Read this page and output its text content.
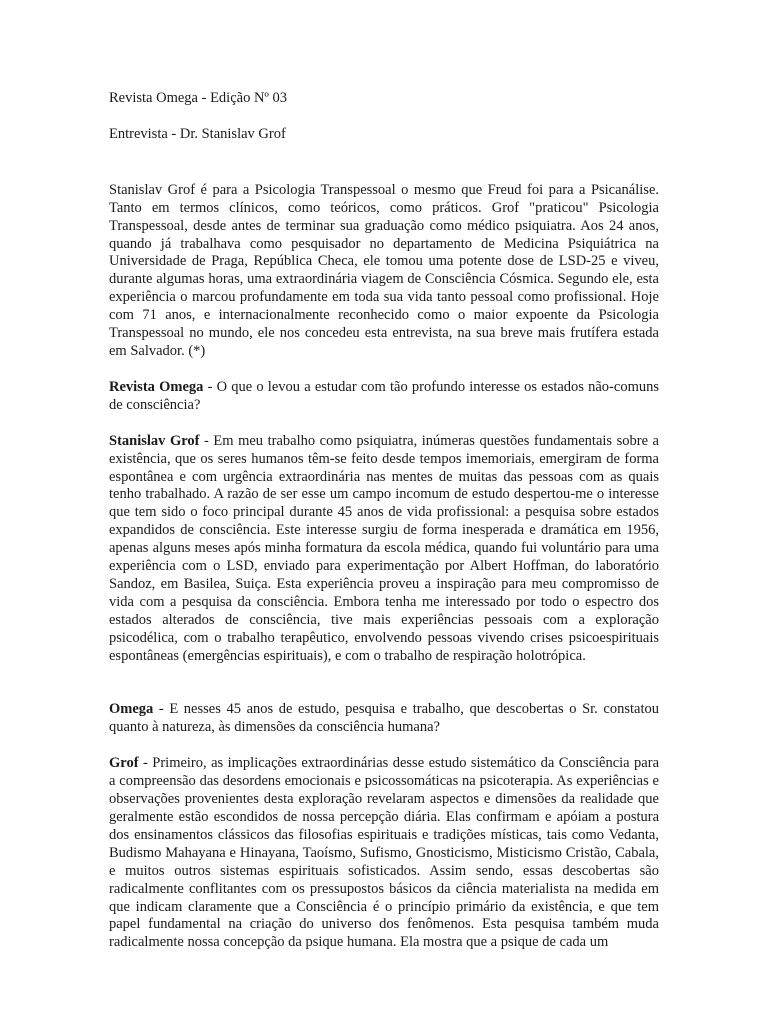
Revista Omega - Edição Nº 03

Entrevista - Dr. Stanislav Grof

Stanislav Grof é para a Psicologia Transpessoal o mesmo que Freud foi para a Psicanálise. Tanto em termos clínicos, como teóricos, como práticos. Grof "praticou" Psicologia Transpessoal, desde antes de terminar sua graduação como médico psiquiatra. Aos 24 anos, quando já trabalhava como pesquisador no departamento de Medicina Psiquiátrica na Universidade de Praga, República Checa, ele tomou uma potente dose de LSD-25 e viveu, durante algumas horas, uma extraordinária viagem de Consciência Cósmica. Segundo ele, esta experiência o marcou profundamente em toda sua vida tanto pessoal como profissional. Hoje com 71 anos, e internacionalmente reconhecido como o maior expoente da Psicologia Transpessoal no mundo, ele nos concedeu esta entrevista, na sua breve mais frutífera estada em Salvador. (*)

Revista Omega - O que o levou a estudar com tão profundo interesse os estados não-comuns de consciência?

Stanislav Grof - Em meu trabalho como psiquiatra, inúmeras questões fundamentais sobre a existência, que os seres humanos têm-se feito desde tempos imemoriais, emergiram de forma espontânea e com urgência extraordinária nas mentes de muitas das pessoas com as quais tenho trabalhado. A razão de ser esse um campo incomum de estudo despertou-me o interesse que tem sido o foco principal durante 45 anos de vida profissional: a pesquisa sobre estados expandidos de consciência. Este interesse surgiu de forma inesperada e dramática em 1956, apenas alguns meses após minha formatura da escola médica, quando fui voluntário para uma experiência com o LSD, enviado para experimentação por Albert Hoffman, do laboratório Sandoz, em Basilea, Suiça. Esta experiência proveu a inspiração para meu compromisso de vida com a pesquisa da consciência. Embora tenha me interessado por todo o espectro dos estados alterados de consciência, tive mais experiências pessoais com a exploração psicodélica, com o trabalho terapêutico, envolvendo pessoas vivendo crises psicoespirituais espontâneas (emergências espirituais), e com o trabalho de respiração holotrópica.

Omega - E nesses 45 anos de estudo, pesquisa e trabalho, que descobertas o Sr. constatou quanto à natureza, às dimensões da consciência humana?

Grof - Primeiro, as implicações extraordinárias desse estudo sistemático da Consciência para a compreensão das desordens emocionais e psicossomáticas na psicoterapia. As experiências e observações provenientes desta exploração revelaram aspectos e dimensões da realidade que geralmente estão escondidos de nossa percepção diária. Elas confirmam e apóiam a postura dos ensinamentos clássicos das filosofias espirituais e tradições místicas, tais como Vedanta, Budismo Mahayana e Hinayana, Taoísmo, Sufismo, Gnosticismo, Misticismo Cristão, Cabala, e muitos outros sistemas espirituais sofisticados. Assim sendo, essas descobertas são radicalmente conflitantes com os pressupostos básicos da ciência materialista na medida em que indicam claramente que a Consciência é o princípio primário da existência, e que tem papel fundamental na criação do universo dos fenômenos. Esta pesquisa também muda radicalmente nossa concepção da psique humana. Ela mostra que a psique de cada um
